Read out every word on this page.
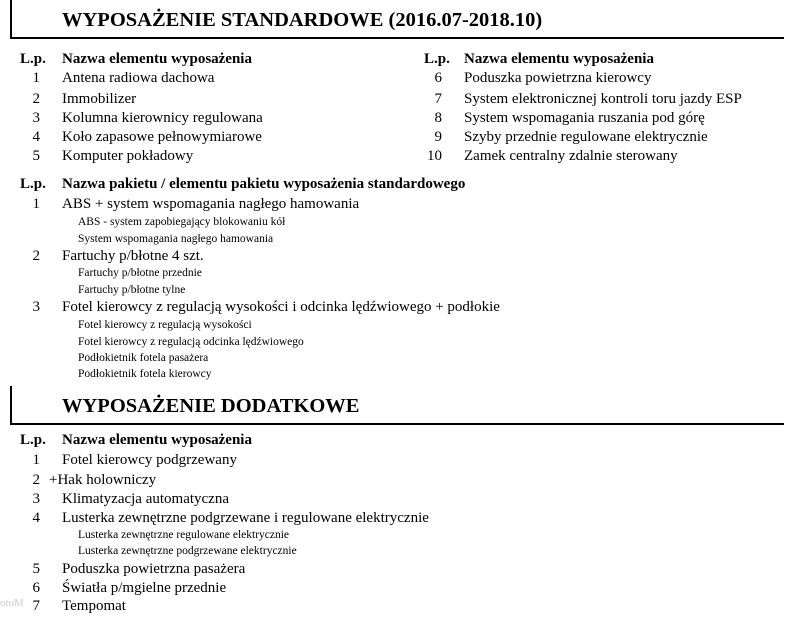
WYPOSAŻENIE STANDARDOWE (2016.07-2018.10)
L.p. Nazwa elementu wyposażenia	L.p. Nazwa elementu wyposażenia
1 Antena radiowa dachowa
2 Immobilizer
3 Kolumna kierownicy regulowana
4 Koło zapasowe pełnowymiarowe
5 Komputer pokładowy
6 Poduszka powietrzna kierowcy
7 System elektronicznej kontroli toru jazdy ESP
8 System wspomagania ruszania pod górę
9 Szyby przednie regulowane elektrycznie
10 Zamek centralny zdalnie sterowany
L.p. Nazwa pakietu / elementu pakietu wyposażenia standardowego
1 ABS + system wspomagania nagłego hamowania
ABS - system zapobiegający blokowaniu kół
System wspomagania nagłego hamowania
2 Fartuchy p/błotne 4 szt.
Fartuchy p/błotne przednie
Fartuchy p/błotne tylne
3 Fotel kierowcy z regulacją wysokości i odcinka lędźwiowego + podłokie
Fotel kierowcy z regulacją wysokości
Fotel kierowcy z regulacją odcinka lędźwiowego
Podłokietnik fotela pasażera
Podłokietnik fotela kierowcy
WYPOSAŻENIE DODATKOWE
L.p. Nazwa elementu wyposażenia
1 Fotel kierowcy podgrzewany
2 +Hak holowniczy
3 Klimatyzacja automatyczna
4 Lusterka zewnętrzne podgrzewane i regulowane elektrycznie
Lusterka zewnętrzne regulowane elektrycznie
Lusterka zewnętrzne podgrzewane elektrycznie
5 Poduszka powietrzna pasażera
6 Światła p/mgielne przednie
7 Tempomat
otoM
